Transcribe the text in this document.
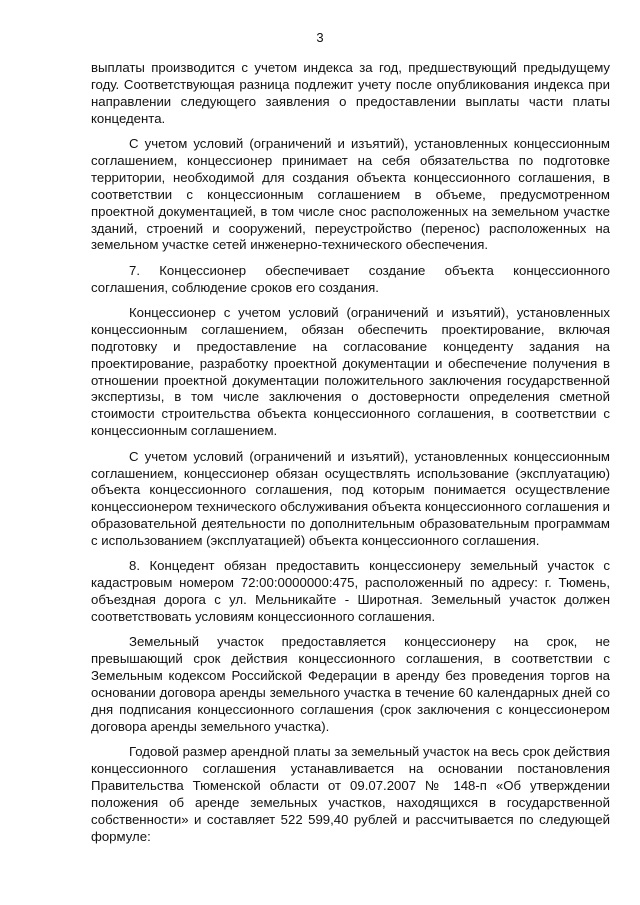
3

выплаты производится с учетом индекса за год, предшествующий предыдущему году. Соответствующая разница подлежит учету после опубликования индекса при направлении следующего заявления о предоставлении выплаты части платы концедента.

С учетом условий (ограничений и изъятий), установленных концессионным соглашением, концессионер принимает на себя обязательства по подготовке территории, необходимой для создания объекта концессионного соглашения, в соответствии с концессионным соглашением в объеме, предусмотренном проектной документацией, в том числе снос расположенных на земельном участке зданий, строений и сооружений, переустройство (перенос) расположенных на земельном участке сетей инженерно-технического обеспечения.

7. Концессионер обеспечивает создание объекта концессионного соглашения, соблюдение сроков его создания.

Концессионер с учетом условий (ограничений и изъятий), установленных концессионным соглашением, обязан обеспечить проектирование, включая подготовку и предоставление на согласование концеденту задания на проектирование, разработку проектной документации и обеспечение получения в отношении проектной документации положительного заключения государственной экспертизы, в том числе заключения о достоверности определения сметной стоимости строительства объекта концессионного соглашения, в соответствии с концессионным соглашением.

С учетом условий (ограничений и изъятий), установленных концессионным соглашением, концессионер обязан осуществлять использование (эксплуатацию) объекта концессионного соглашения, под которым понимается осуществление концессионером технического обслуживания объекта концессионного соглашения и образовательной деятельности по дополнительным образовательным программам с использованием (эксплуатацией) объекта концессионного соглашения.

8. Концедент обязан предоставить концессионеру земельный участок с кадастровым номером 72:00:0000000:475, расположенный по адресу: г. Тюмень, объездная дорога с ул. Мельникайте - Широтная. Земельный участок должен соответствовать условиям концессионного соглашения.

Земельный участок предоставляется концессионеру на срок, не превышающий срок действия концессионного соглашения, в соответствии с Земельным кодексом Российской Федерации в аренду без проведения торгов на основании договора аренды земельного участка в течение 60 календарных дней со дня подписания концессионного соглашения (срок заключения с концессионером договора аренды земельного участка).

Годовой размер арендной платы за земельный участок на весь срок действия концессионного соглашения устанавливается на основании постановления Правительства Тюменской области от 09.07.2007 № 148-п «Об утверждении положения об аренде земельных участков, находящихся в государственной собственности» и составляет 522 599,40 рублей и рассчитывается по следующей формуле:
